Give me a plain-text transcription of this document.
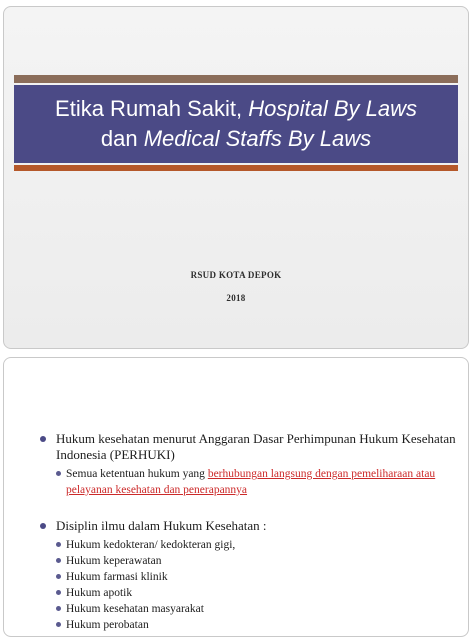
Etika Rumah Sakit, Hospital By Laws
dan Medical Staffs By Laws
RSUD KOTA DEPOK
2018
Hukum kesehatan menurut Anggaran Dasar Perhimpunan Hukum Kesehatan Indonesia (PERHUKI)
Semua ketentuan hukum yang berhubungan langsung dengan pemeliharaan atau pelayanan kesehatan dan penerapannya
Disiplin ilmu dalam Hukum Kesehatan :
Hukum kedokteran/ kedokteran gigi,
Hukum keperawatan
Hukum farmasi klinik
Hukum apotik
Hukum kesehatan masyarakat
Hukum perobatan
